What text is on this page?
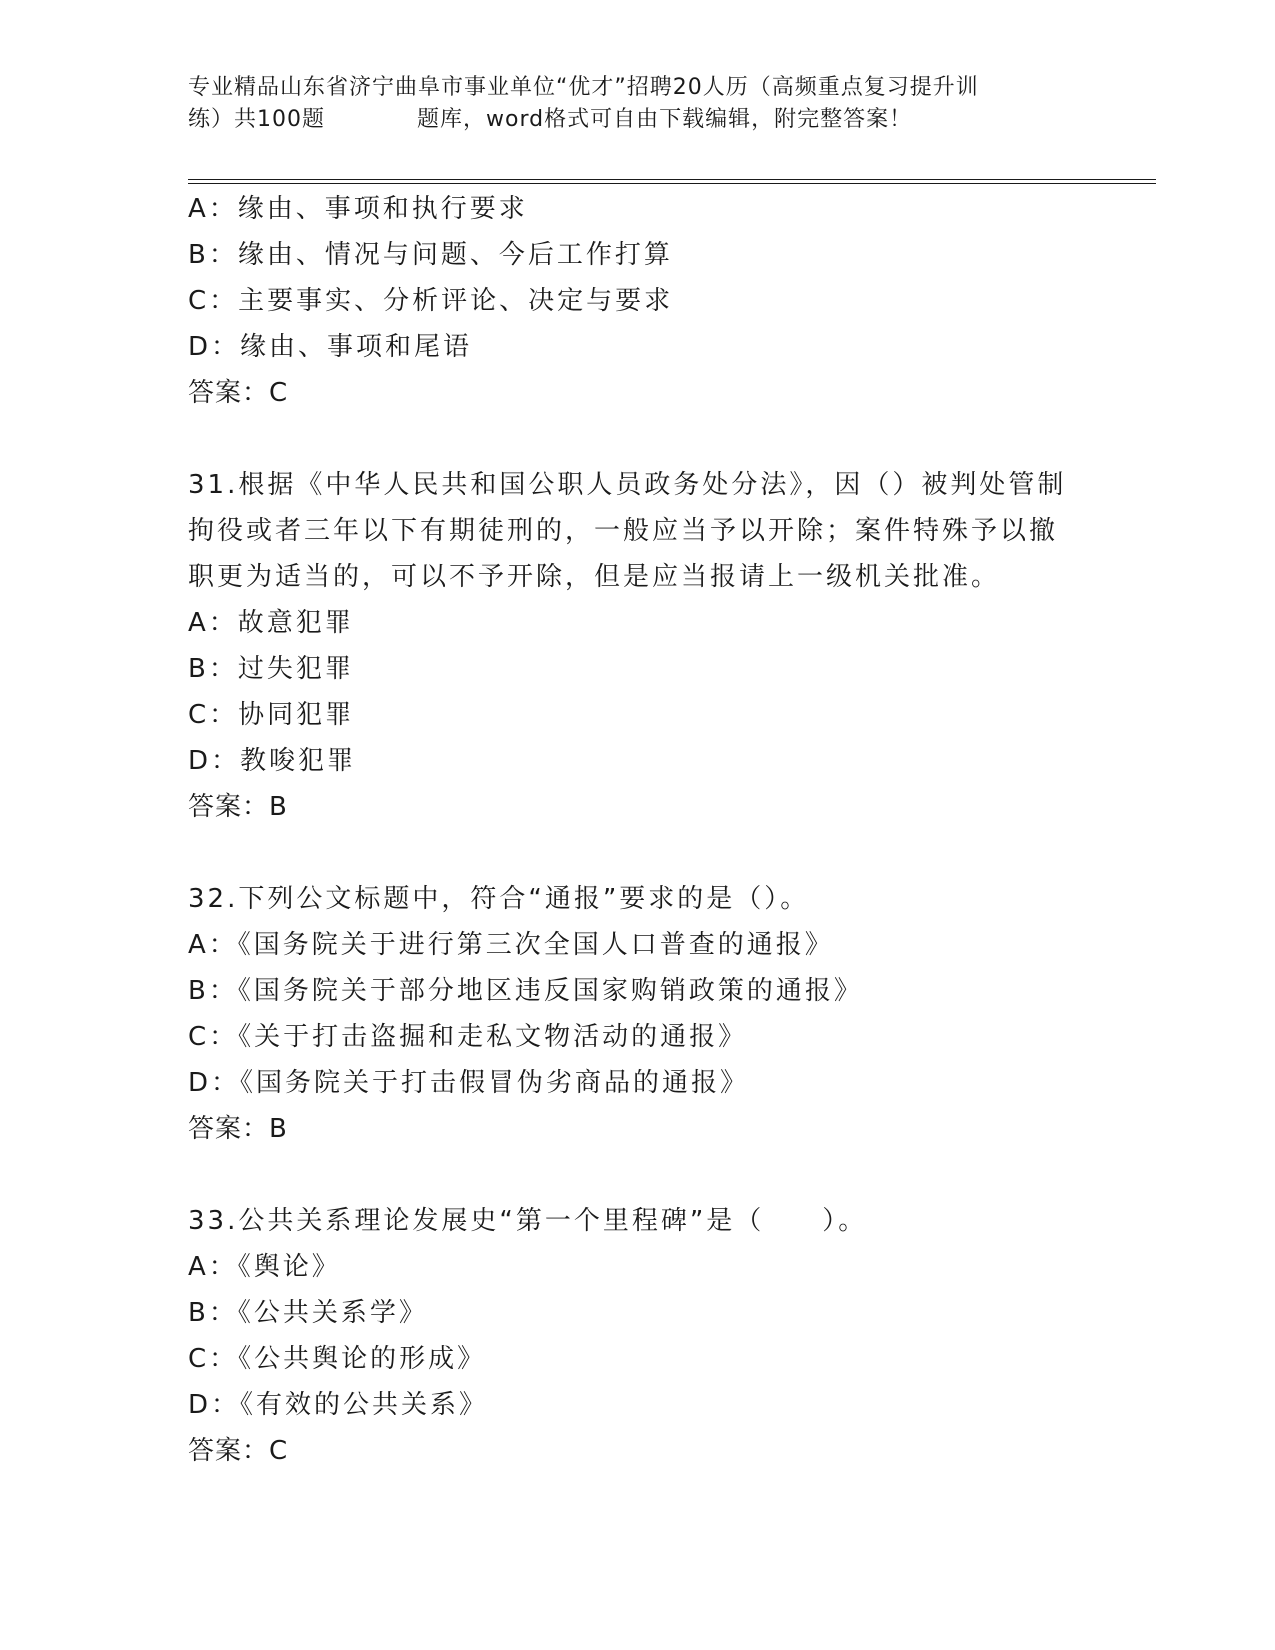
专业精品山东省济宁曲阜市事业单位“优才”招聘20人历（高频重点复习提升训
练）共100题　　　　题库，word格式可自由下载编辑，附完整答案！
A：缘由、事项和执行要求
B：缘由、情况与问题、今后工作打算
C：主要事实、分析评论、决定与要求
D：缘由、事项和尾语
答案：C
31.根据《中华人民共和国公职人员政务处分法》，因（）被判处管制
拘役或者三年以下有期徒刑的，一般应当予以开除；案件特殊予以撤
职更为适当的，可以不予开除，但是应当报请上一级机关批准。
A：故意犯罪
B：过失犯罪
C：协同犯罪
D：教唆犯罪
答案：B
32.下列公文标题中，符合“通报”要求的是（）。
A：《国务院关于进行第三次全国人口普查的通报》
B：《国务院关于部分地区违反国家购销政策的通报》
C：《关于打击盗掘和走私文物活动的通报》
D：《国务院关于打击假冒伪劣商品的通报》
答案：B
33.公共关系理论发展史“第一个里程碑”是（　　）。
A：《舆论》
B：《公共关系学》
C：《公共舆论的形成》
D：《有效的公共关系》
答案：C
